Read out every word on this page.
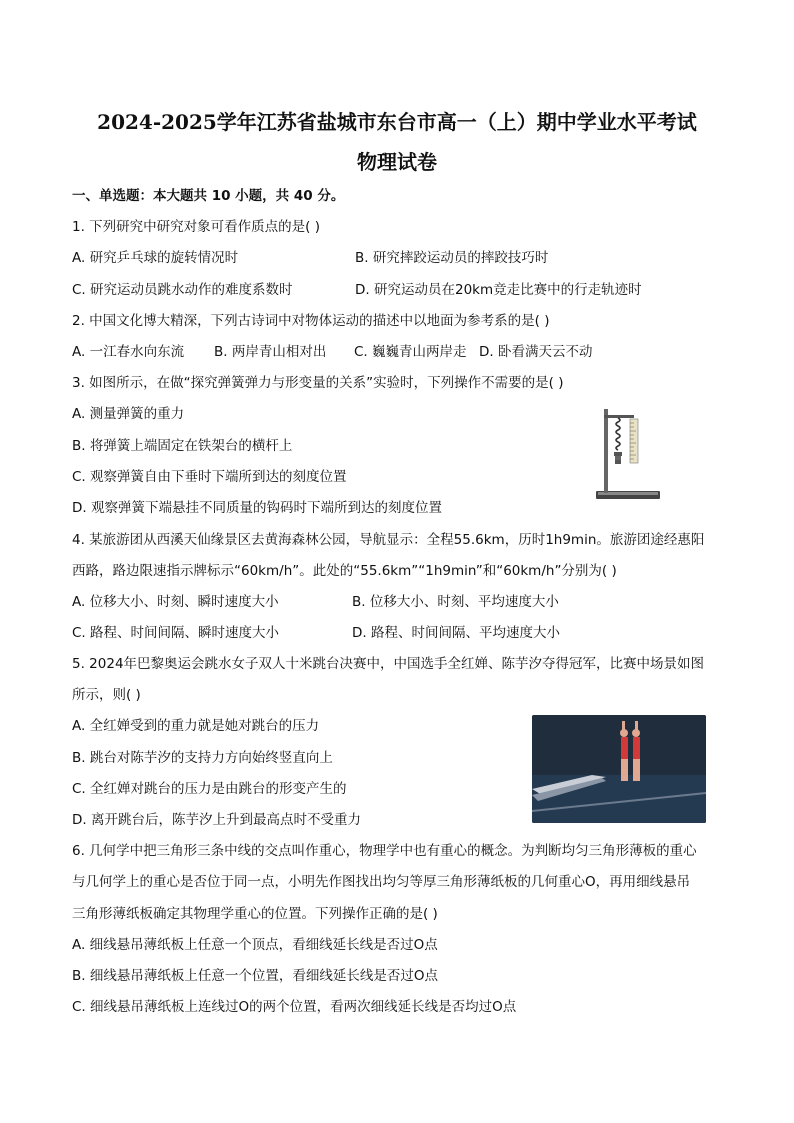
2024-2025学年江苏省盐城市东台市高一（上）期中学业水平考试
物理试卷
一、单选题：本大题共 10 小题，共 40 分。
1. 下列研究中研究对象可看作质点的是( )
A. 研究乒乓球的旋转情况时	B. 研究摔跤运动员的摔跤技巧时
C. 研究运动员跳水动作的难度系数时	D. 研究运动员在20km竞走比赛中的行走轨迹时
2. 中国文化博大精深，下列古诗词中对物体运动的描述中以地面为参考系的是( )
A. 一江春水向东流 B. 两岸青山相对出 C. 巍巍青山两岸走 D. 卧看满天云不动
3. 如图所示，在做“探究弹簧弹力与形变量的关系”实验时，下列操作不需要的是( )
A. 测量弹簧的重力
B. 将弹簧上端固定在铁架台的横杆上
C. 观察弹簧自由下垂时下端所到达的刻度位置
D. 观察弹簧下端悬挂不同质量的钩码时下端所到达的刻度位置
4. 某旅游团从西溪天仙缘景区去黄海森林公园，导航显示：全程55.6km，历时1h9min。旅游团途经惠阳
西路，路边限速指示牌标示“60km/h”。此处的“55.6km”“1h9min”和“60km/h”分别为( )
A. 位移大小、时刻、瞬时速度大小	B. 位移大小、时刻、平均速度大小
C. 路程、时间间隔、瞬时速度大小	D. 路程、时间间隔、平均速度大小
5. 2024年巴黎奥运会跳水女子双人十米跳台决赛中，中国选手全红婵、陈芋汐夺得冠军，比赛中场景如图
所示，则( )
A. 全红婵受到的重力就是她对跳台的压力
B. 跳台对陈芋汐的支持力方向始终竖直向上
C. 全红婵对跳台的压力是由跳台的形变产生的
D. 离开跳台后，陈芋汐上升到最高点时不受重力
6. 几何学中把三角形三条中线的交点叫作重心，物理学中也有重心的概念。为判断均匀三角形薄板的重心
与几何学上的重心是否位于同一点，小明先作图找出均匀等厚三角形薄纸板的几何重心O，再用细线悬吊
三角形薄纸板确定其物理学重心的位置。下列操作正确的是( )
A. 细线悬吊薄纸板上任意一个顶点，看细线延长线是否过O点
B. 细线悬吊薄纸板上任意一个位置，看细线延长线是否过O点
C. 细线悬吊薄纸板上连线过O的两个位置，看两次细线延长线是否均过O点
